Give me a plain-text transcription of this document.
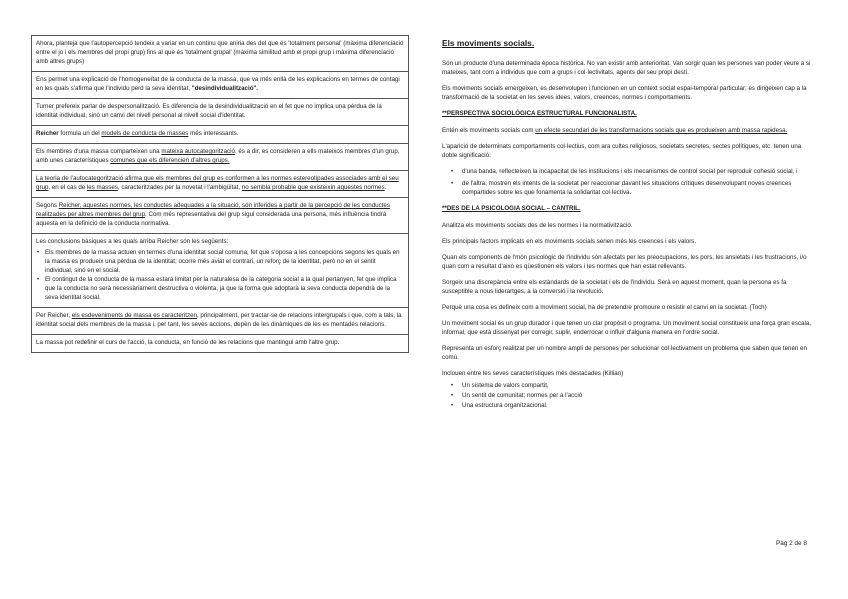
Ahora, planteja que l'autopercepció tendeix a variar en un continu que aniria des del que és 'totalment personal' (màxima diferenciació entre el jo i els membres del propi grup) fins al que és 'totalment grupal' (màxima similitud amb el propi grup i màxima diferenciació amb altres grups)

Ens permet una explicació de l'homogeneïtat de la conducta de la massa, que va més enllà de les explicacions en termes de contagi en les quals s'afirma que l'individu perd la seva identitat, "desindividualització".

Turner prefereix parlar de despersonalització. Es diferencia de la desindividualització en el fet que no implica una pèrdua de la identitat individual, sinó un canvi del nivell personal al nivell social d'identitat.

Reicher formula un del models de conducta de masses més interessants.

Els membres d'una massa comparteixen una mateixa autocategorització, és a dir, es consideren a ells mateixos membres d'un grup, amb unes característiques comunes que els diferencien d'altres grups.

La teoria de l'autocategorització afirma que els membres del grup es conformen a les normes estereotipades associades amb el seu grup, en el cas de les masses, caracteritzades per la novetat i l'ambigüitat, no sembla probable que existeixin aquestes normes.

Segons Reicher, aquestes normes, les conductes adequades a la situació, són inferides a partir de la percepció de les conductes realitzades per altres membres del grup. Com més representativa del grup sigui considerada una persona, més influència tindrà aquesta en la definició de la conducta normativa.

Les conclusions bàsiques a les quals arriba Reicher són les següents:

• Els membres de la massa actuen en termes d'una identitat social comuna, fet que s'oposa a les concepcions segons les quals en la massa es produeix una pèrdua de la identitat; ocorre més aviat el contrari, un reforç de la identitat, però no en el sentit individual, sinó en el social.
• El contingut de la conducta de la massa estarà limitat per la naturalesa de la categoria social a la qual pertanyen, fet que implica que la conducta no serà necessàriament destructiva o violenta, ja que la forma que adoptarà la seva conducta dependrà de la seva identitat social.

Per Reicher, els esdeveniments de massa es caracteritzen, principalment, per tractar-se de relacions intergrupals i que, com a tals, la identitat social dels membres de la massa i, per tant, les seves accions, depèn de les dinàmiques de les es mentades relacions.

La massa pot redefinir el curs de l'acció, la conducta, en funció de les relacions que mantingui amb l'altre grup.

Els moviments socials.

Són un producte d'una determinada època històrica. No van existir amb anterioritat. Van sorgir quan les persones van poder veure a si mateixes, tant com a individus que com a grups i col·lectivitats, agents del seu propi destí.

Els moviments socials emergeixen, es desenvolupen i funcionen en un context social espai-temporal particular; es dirigeixen cap a la transformació de la societat en les seves idees, valors, creences, normes i comportaments.

**PERSPECTIVA SOCIOLÒGICA ESTRUCTURAL FUNCIONALISTA.

Entén els moviments socials com un efecte secundari de les transformacions socials que es produeixen amb massa rapidesa.

L'aparició de determinats comportaments col·lectius, com ara cultes religiosos, societats secretes, sectes polítiques, etc. tenen una doble significació:

• d'una banda, reflecteixen la incapacitat de les institucions i els mecanismes de control social per reproduir cohesió social, i
• de l'altra, mostren els intents de la societat per reaccionar davant les situacions crítiques desenvolupant noves creences compartides sobre les que fonamenta la solidaritat col·lectiva.

**DES DE LA PSICOLOGIA SOCIAL – CANTRIL.

Analitza els moviments socials des de les normes i la normativització.

Els principals factors implicats en els moviments socials serien més les creences i els valors.

Quan els components de l'món psicològic de l'individu són afectats per les preocupacions, les pors, les ansietats i les frustracions, i/o quan com a resultat d'això es qüestionen els valors i les normes que han estat rellevants.

Sorgeix una discrepància entre els estàndards de la societat i els de l'individu. Serà en aquest moment, quan la persona es fa susceptible a nous liderartges, a la conversió i la revolució.

Perquè una cosa es defineix com a moviment social, ha de pretendre promoure o resistir el canvi en la societat. (Toch)

Un moviment social és un grup durador i que tenen un clar propòsit o programa. Un moviment social constitueix una força gran escala, informal, que està dissenyat per corregir, suplir, enderrocar o influir d'alguna manera en l'ordre social.

Representa un esforç realitzat per un nombre ampli de persones per solucionar col·lectivament un problema que saben que tenen en comú.

Inclouen entre les seves característiques més destacades (Killian)

• Un sistema de valors compartit,
• Un sentit de comunitat; normes per a l'acció
• Una estructura organitzacional.
Pàg 2 de 8
